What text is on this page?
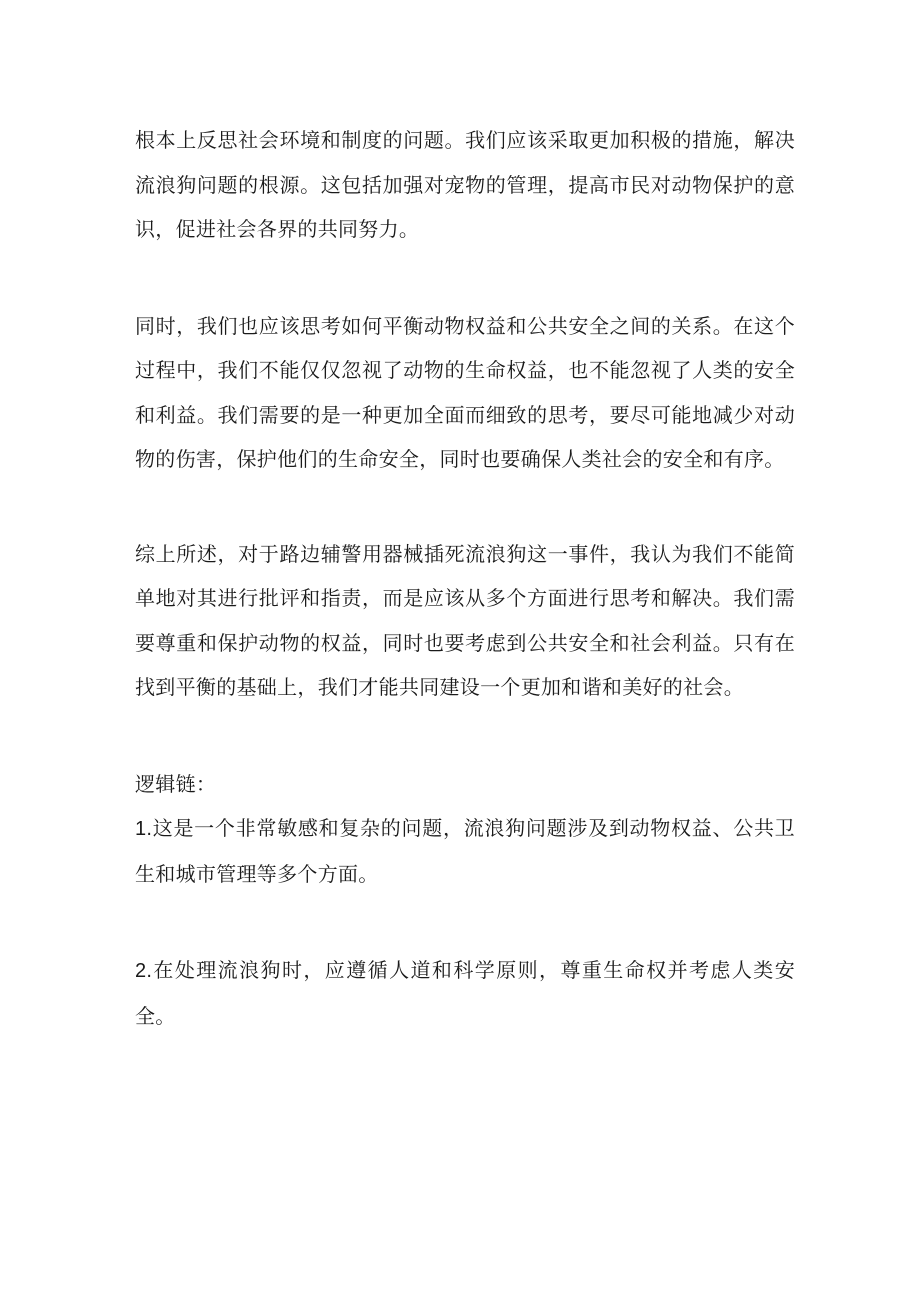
根本上反思社会环境和制度的问题。我们应该采取更加积极的措施，解决流浪狗问题的根源。这包括加强对宠物的管理，提高市民对动物保护的意识，促进社会各界的共同努力。

同时，我们也应该思考如何平衡动物权益和公共安全之间的关系。在这个过程中，我们不能仅仅忽视了动物的生命权益，也不能忽视了人类的安全和利益。我们需要的是一种更加全面而细致的思考，要尽可能地减少对动物的伤害，保护他们的生命安全，同时也要确保人类社会的安全和有序。

综上所述，对于路边辅警用器械插死流浪狗这一事件，我认为我们不能简单地对其进行批评和指责，而是应该从多个方面进行思考和解决。我们需要尊重和保护动物的权益，同时也要考虑到公共安全和社会利益。只有在找到平衡的基础上，我们才能共同建设一个更加和谐和美好的社会。

逻辑链：

1.这是一个非常敏感和复杂的问题，流浪狗问题涉及到动物权益、公共卫生和城市管理等多个方面。

2.在处理流浪狗时，应遵循人道和科学原则，尊重生命权并考虑人类安全。
